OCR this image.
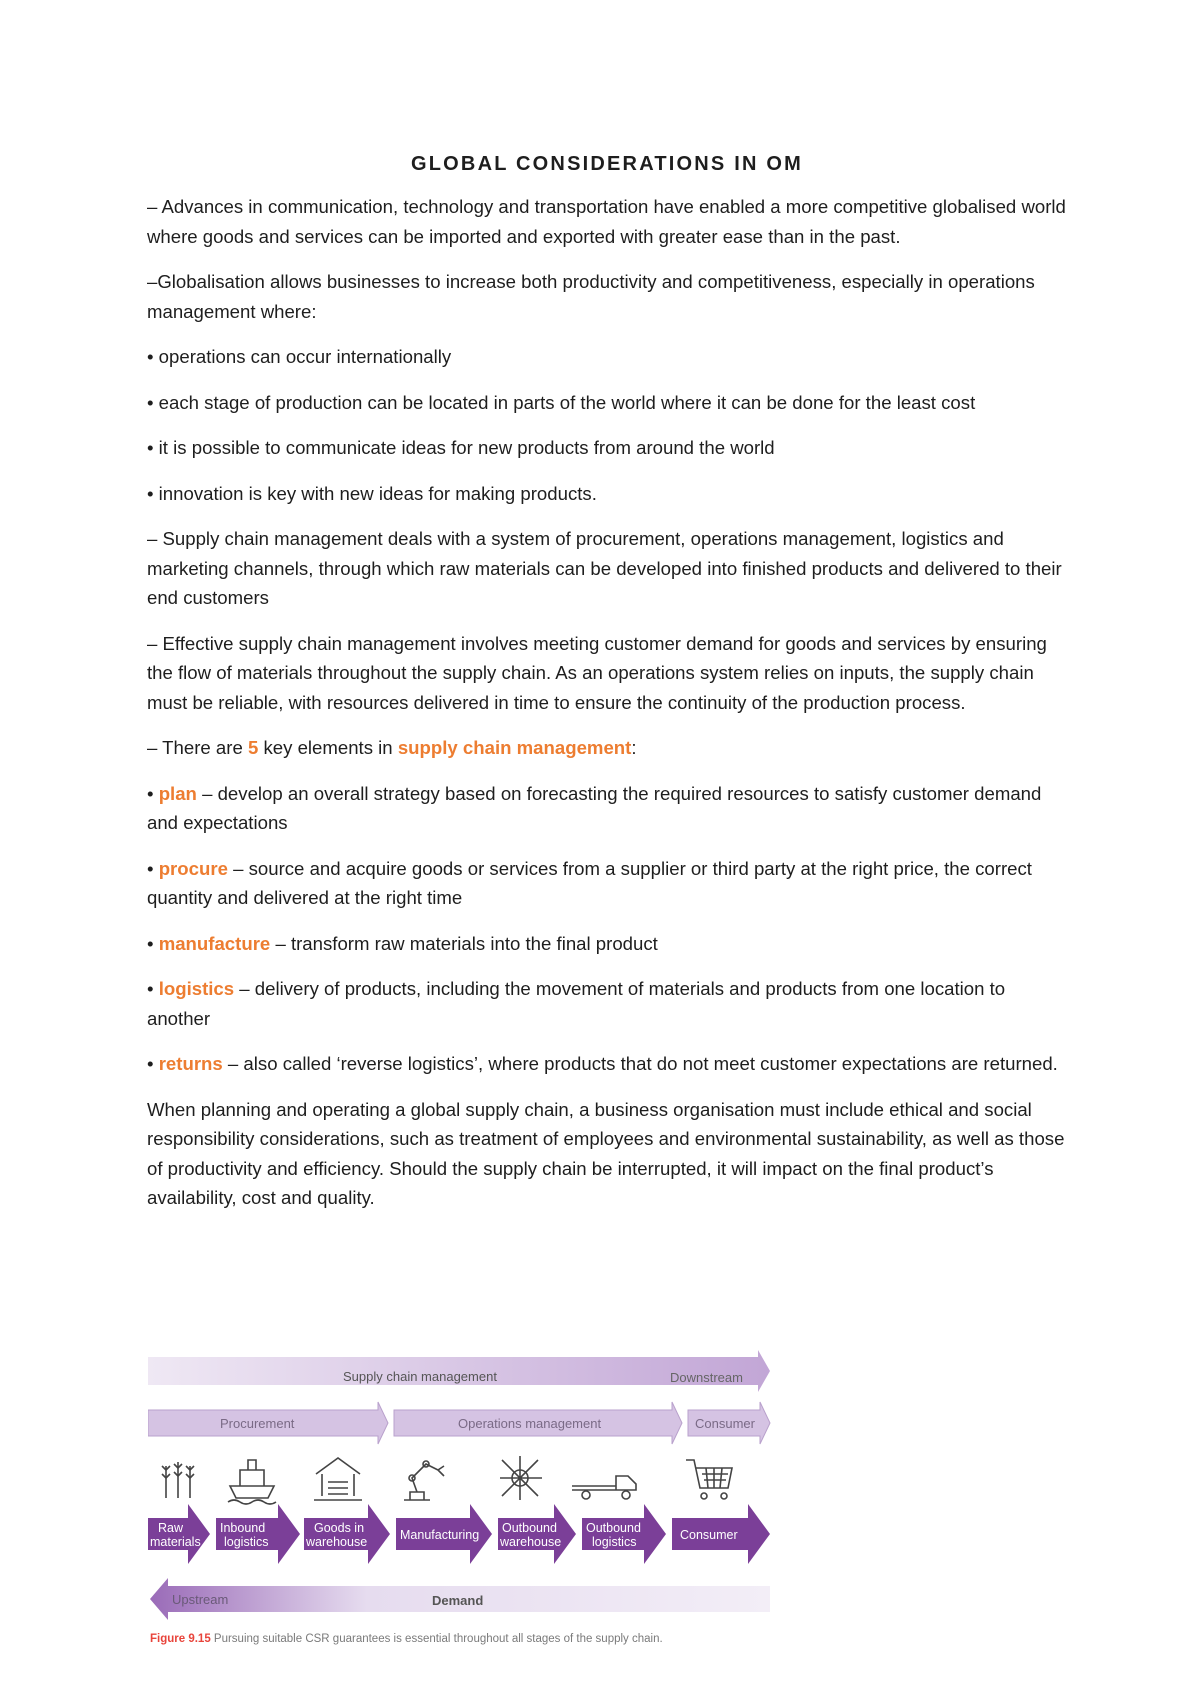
GLOBAL CONSIDERATIONS IN OM

– Advances in communication, technology and transportation have enabled a more competitive globalised world where goods and services can be imported and exported with greater ease than in the past.

–Globalisation allows businesses to increase both productivity and competitiveness, especially in operations management where:

• operations can occur internationally

• each stage of production can be located in parts of the world where it can be done for the least cost

• it is possible to communicate ideas for new products from around the world

• innovation is key with new ideas for making products.

– Supply chain management deals with a system of procurement, operations management, logistics and marketing channels, through which raw materials can be developed into finished products and delivered to their end customers

– Effective supply chain management involves meeting customer demand for goods and services by ensuring the flow of materials throughout the supply chain. As an operations system relies on inputs, the supply chain must be reliable, with resources delivered in time to ensure the continuity of the production process.

– There are 5 key elements in supply chain management:

• plan – develop an overall strategy based on forecasting the required resources to satisfy customer demand and expectations

• procure – source and acquire goods or services from a supplier or third party at the right price, the correct quantity and delivered at the right time

• manufacture – transform raw materials into the final product

• logistics – delivery of products, including the movement of materials and products from one location to another

• returns – also called ‘reverse logistics’, where products that do not meet customer expectations are returned.

When planning and operating a global supply chain, a business organisation must include ethical and social responsibility considerations, such as treatment of employees and environmental sustainability, as well as those of productivity and efficiency. Should the supply chain be interrupted, it will impact on the final product’s availability, cost and quality.

Supply chain management	Downstream
Procurement	Operations management	Consumer
Raw
materials
Inbound
logistics
Goods in
warehouse	Manufacturing Outbound
warehouse
Outbound
logistics	Consumer
Upstream	Demand
Figure 9.15 Pursuing suitable CSR guarantees is essential throughout all stages of the supply chain.
